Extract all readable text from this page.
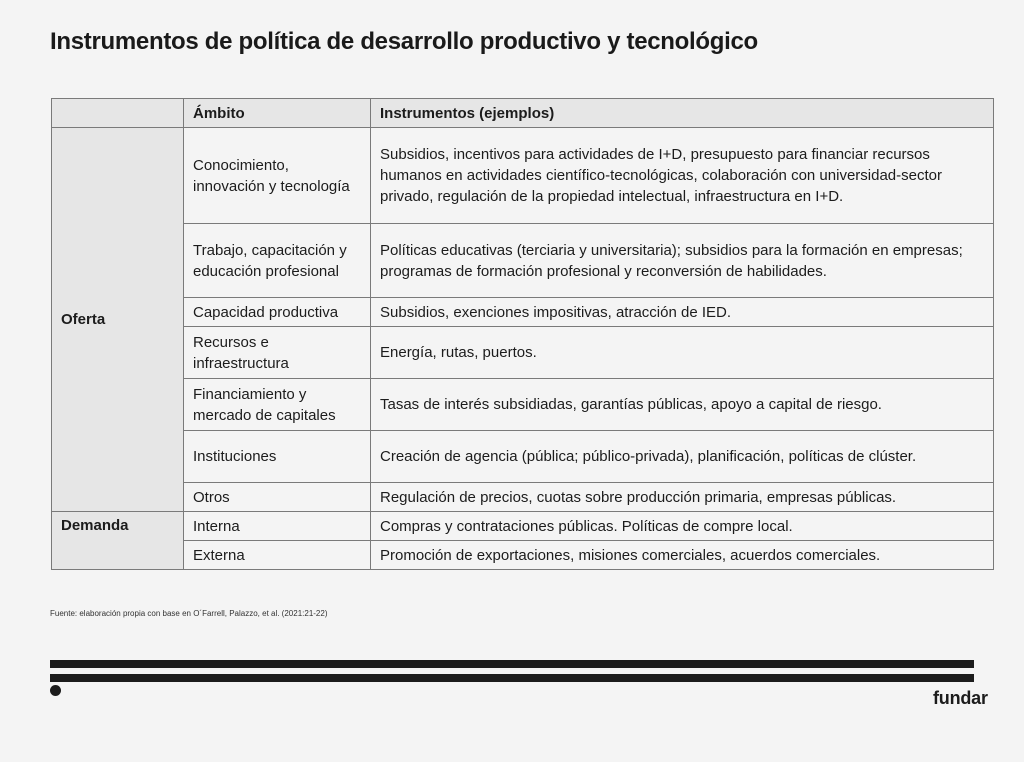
Instrumentos de política de desarrollo productivo y tecnológico
	Ámbito	Instrumentos (ejemplos)
Oferta	Conocimiento, innovación y tecnología	Subsidios, incentivos para actividades de I+D, presupuesto para financiar recursos humanos en actividades científico-tecnológicas, colaboración con universidad-sector privado, regulación de la propiedad intelectual, infraestructura en I+D.
	Trabajo, capacitación y educación profesional	Políticas educativas (terciaria y universitaria); subsidios para la formación en empresas; programas de formación profesional y reconversión de habilidades.
	Capacidad productiva	Subsidios, exenciones impositivas, atracción de IED.
	Recursos e infraestructura	Energía, rutas, puertos.
	Financiamiento y mercado de capitales	Tasas de interés subsidiadas, garantías públicas, apoyo a capital de riesgo.
	Instituciones	Creación de agencia (pública; público-privada), planificación, políticas de clúster.
	Otros	Regulación de precios, cuotas sobre producción primaria, empresas públicas.
Demanda	Interna	Compras y contrataciones públicas. Políticas de compre local.
	Externa	Promoción de exportaciones, misiones comerciales, acuerdos comerciales.
Fuente: elaboración propia con base en O´Farrell, Palazzo, et al. (2021:21-22)
fundar
